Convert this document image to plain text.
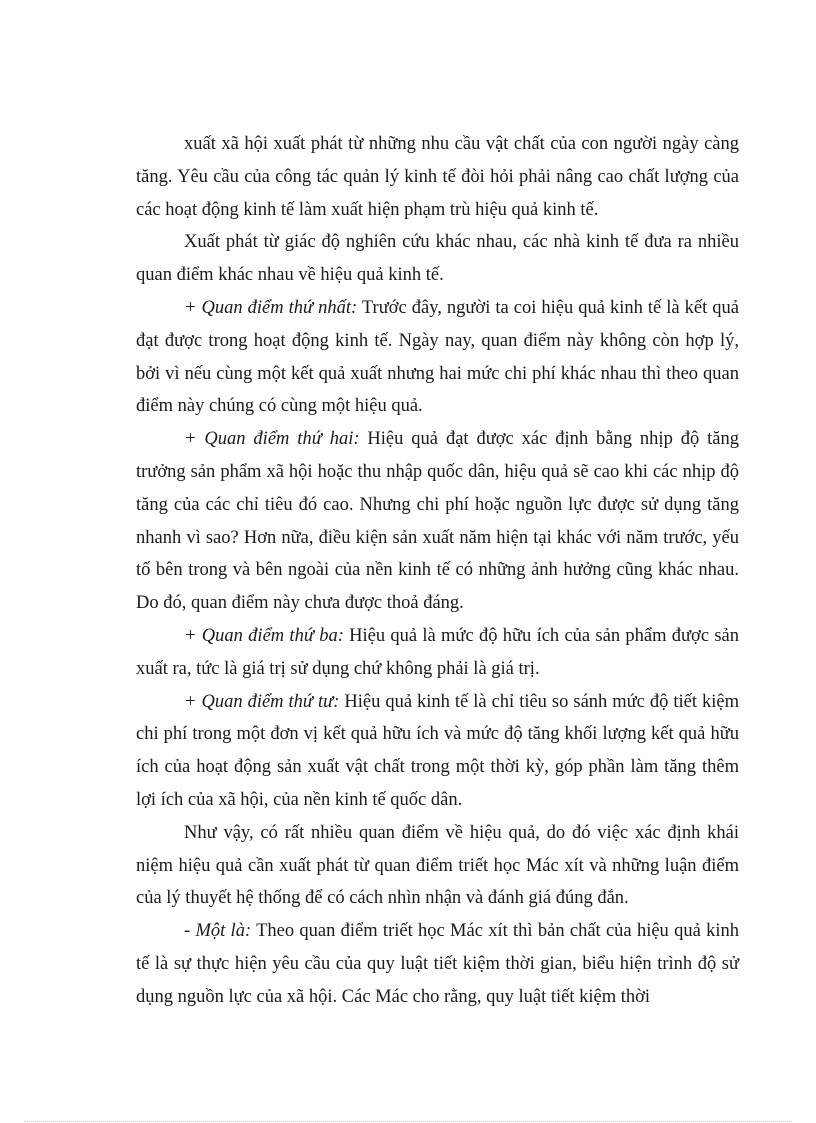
xuất xã hội xuất phát từ những nhu cầu vật chất của con người ngày càng tăng. Yêu cầu của công tác quản lý kinh tế đòi hỏi phải nâng cao chất lượng của các hoạt động kinh tế làm xuất hiện phạm trù hiệu quả kinh tế.

Xuất phát từ giác độ nghiên cứu khác nhau, các nhà kinh tế đưa ra nhiều quan điểm khác nhau về hiệu quả kinh tế.

+ Quan điểm thứ nhất: Trước đây, người ta coi hiệu quả kinh tế là kết quả đạt được trong hoạt động kinh tế. Ngày nay, quan điểm này không còn hợp lý, bởi vì nếu cùng một kết quả xuất nhưng hai mức chi phí khác nhau thì theo quan điểm này chúng có cùng một hiệu quả.

+ Quan điểm thứ hai: Hiệu quả đạt được xác định bằng nhịp độ tăng trưởng sản phẩm xã hội hoặc thu nhập quốc dân, hiệu quả sẽ cao khi các nhịp độ tăng của các chỉ tiêu đó cao. Nhưng chi phí hoặc nguồn lực được sử dụng tăng nhanh vì sao? Hơn nữa, điều kiện sản xuất năm hiện tại khác với năm trước, yếu tố bên trong và bên ngoài của nền kinh tế có những ảnh hưởng cũng khác nhau. Do đó, quan điểm này chưa được thoả đáng.

+ Quan điểm thứ ba: Hiệu quả là mức độ hữu ích của sản phẩm được sản xuất ra, tức là giá trị sử dụng chứ không phải là giá trị.

+ Quan điểm thứ tư: Hiệu quả kinh tế là chỉ tiêu so sánh mức độ tiết kiệm chi phí trong một đơn vị kết quả hữu ích và mức độ tăng khối lượng kết quả hữu ích của hoạt động sản xuất vật chất trong một thời kỳ, góp phần làm tăng thêm lợi ích của xã hội, của nền kinh tế quốc dân.

Như vậy, có rất nhiều quan điểm về hiệu quả, do đó việc xác định khái niệm hiệu quả cần xuất phát từ quan điểm triết học Mác xít và những luận điểm của lý thuyết hệ thống để có cách nhìn nhận và đánh giá đúng đắn.

- Một là: Theo quan điểm triết học Mác xít thì bản chất của hiệu quả kinh tế là sự thực hiện yêu cầu của quy luật tiết kiệm thời gian, biểu hiện trình độ sử dụng nguồn lực của xã hội. Các Mác cho rằng, quy luật tiết kiệm thời
